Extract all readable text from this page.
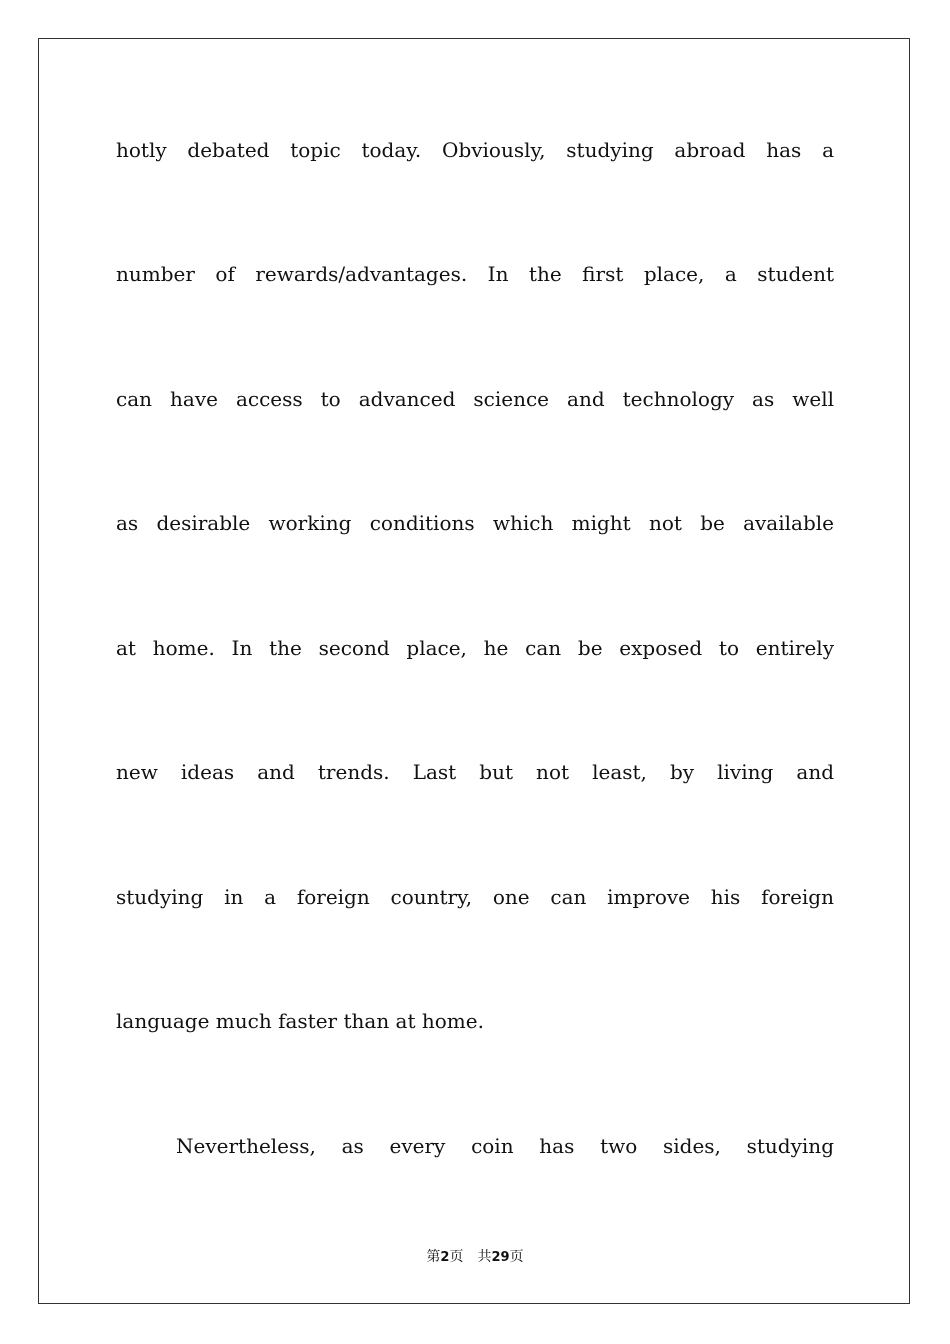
hotly debated topic today. Obviously, studying abroad has a
number of rewards/advantages. In the first place, a student
can have access to advanced science and technology as well
as desirable working conditions which might not be available
at home. In the second place, he can be exposed to entirely
new ideas and trends. Last but not least, by living and
studying in a foreign country, one can improve his foreign
language much faster than at home.
Nevertheless, as every coin has two sides, studying
第2页 共29页
